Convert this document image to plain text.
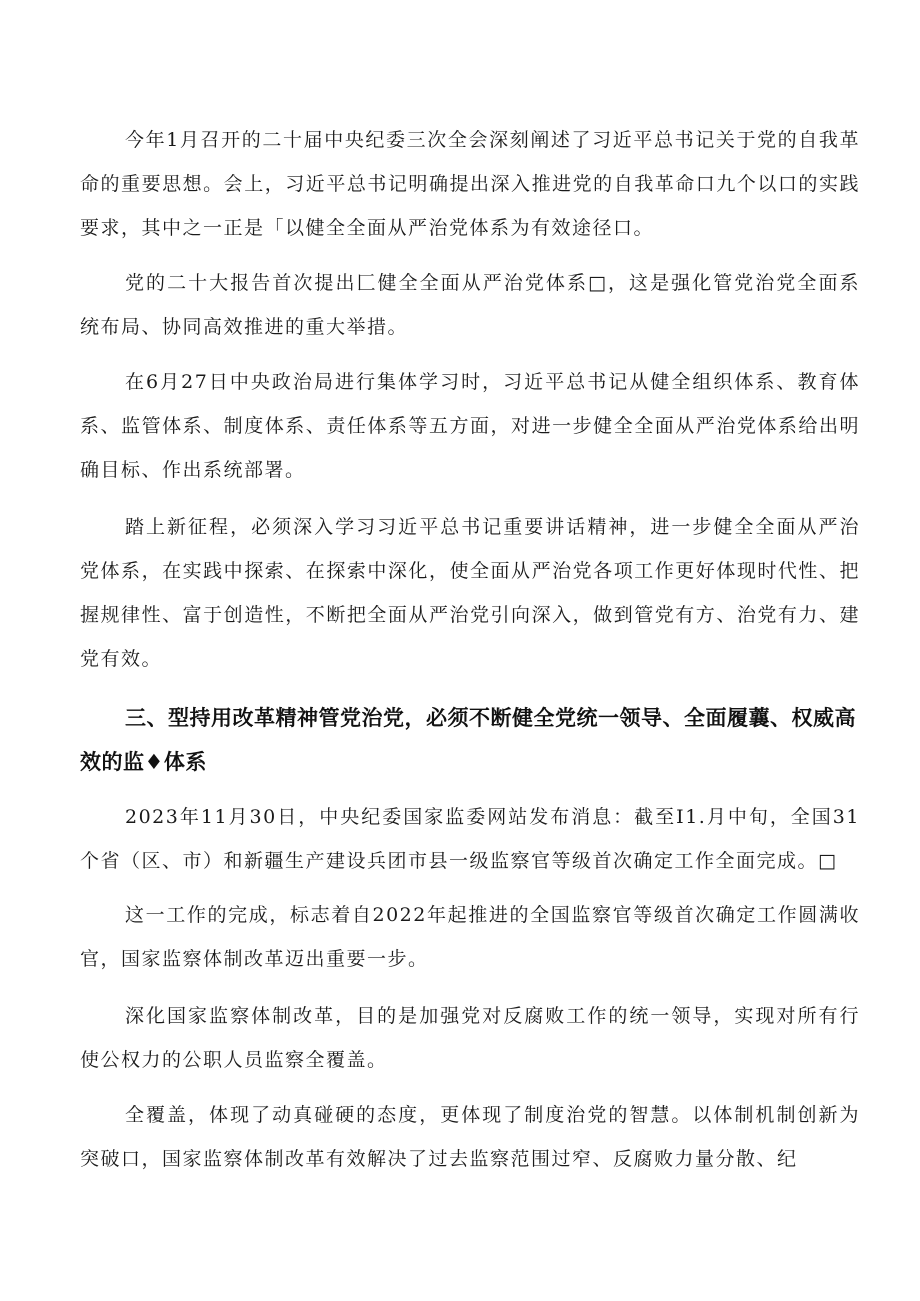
今年1月召开的二十届中央纪委三次全会深刻阐述了习近平总书记关于党的自我革命的重要思想。会上，习近平总书记明确提出深入推进党的自我革命口九个以口的实践要求，其中之一正是「以健全全面从严治党体系为有效途径口。

党的二十大报告首次提出匚健全全面从严治党体系□，这是强化管党治党全面系统布局、协同高效推进的重大举措。

在6月27日中央政治局进行集体学习时，习近平总书记从健全组织体系、教育体系、监管体系、制度体系、责任体系等五方面，对进一步健全全面从严治党体系给出明确目标、作出系统部署。

踏上新征程，必须深入学习习近平总书记重要讲话精神，进一步健全全面从严治党体系，在实践中探索、在探索中深化，使全面从严治党各项工作更好体现时代性、把握规律性、富于创造性，不断把全面从严治党引向深入，做到管党有方、治党有力、建党有效。

三、型持用改革精神管党治党，必须不断健全党统一领导、全面履蘘、权威高效的监♦体系

2023年11月30日，中央纪委国家监委网站发布消息：截至I1.月中旬，全国31个省（区、市）和新疆生产建设兵团市县一级监察官等级首次确定工作全面完成。□

这一工作的完成，标志着自2022年起推进的全国监察官等级首次确定工作圆满收官，国家监察体制改革迈出重要一步。

深化国家监察体制改革，目的是加强党对反腐败工作的统一领导，实现对所有行使公权力的公职人员监察全覆盖。

全覆盖，体现了动真碰硬的态度，更体现了制度治党的智慧。以体制机制创新为突破口，国家监察体制改革有效解决了过去监察范围过窄、反腐败力量分散、纪
